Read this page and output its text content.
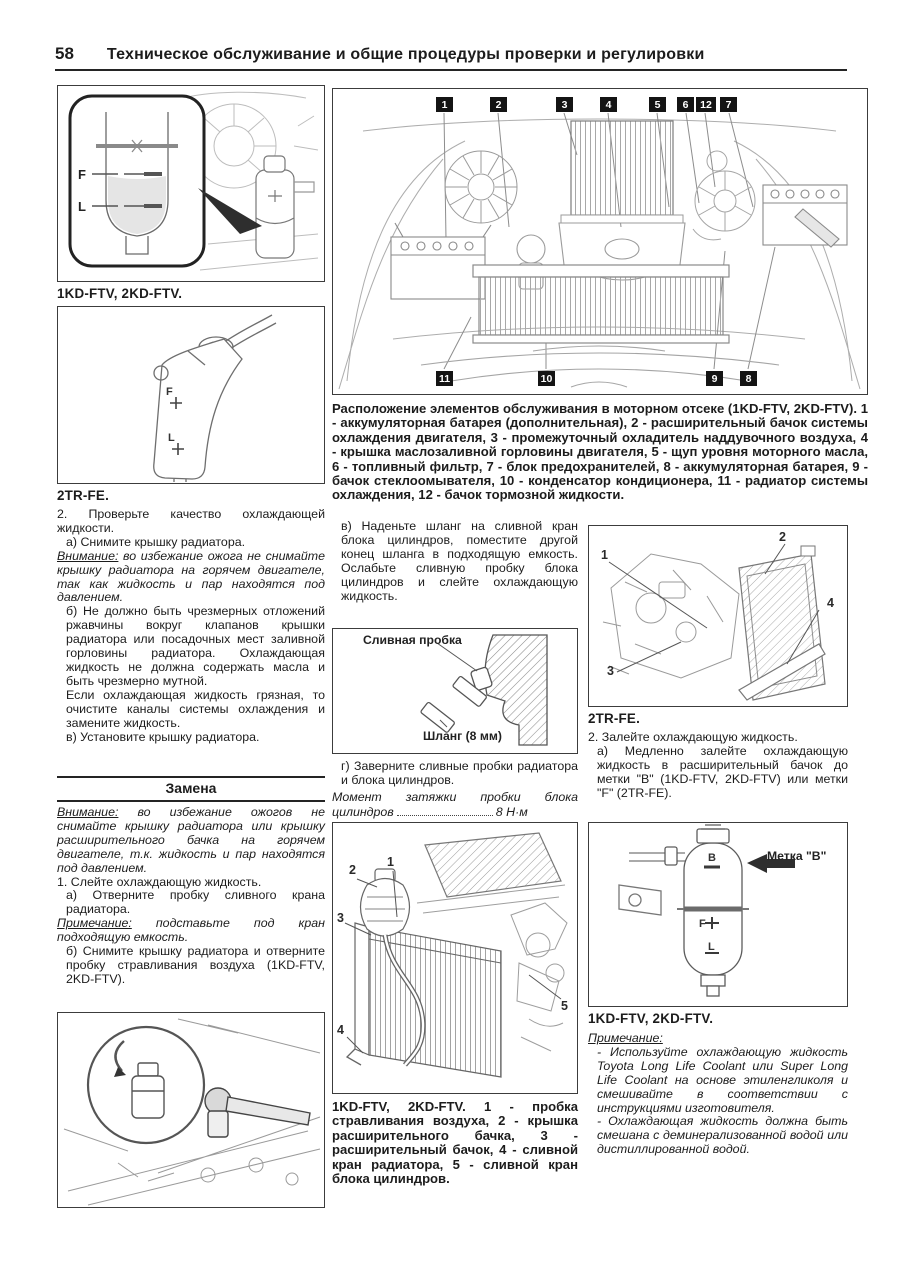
58 Техническое обслуживание и общие процедуры проверки и регулировки
F
L
1KD-FTV, 2KD-FTV.
F
L
2TR-FE.

2. Проверьте качество охлаждающей жидкости.

а) Снимите крышку радиатора.

Внимание: во избежание ожога не снимайте крышку радиатора на горячем двигателе, так как жидкость и пар находятся под давлением.

б) Не должно быть чрезмерных отложений ржавчины вокруг клапанов крышки радиатора или посадочных мест заливной горловины радиатора. Охлаждающая жидкость не должна содержать масла и быть чрезмерно мутной.

Если охлаждающая жидкость грязная, то очистите каналы системы охлаждения и замените жидкость.

в) Установите крышку радиатора.

Замена

Внимание: во избежание ожогов не снимайте крышку радиатора или крышку расширительного бачка на горячем двигателе, т.к. жидкость и пар находятся под давлением.

1. Слейте охлаждающую жидкость.

а) Отверните пробку сливного крана радиатора.

Примечание: подставьте под кран подходящую емкость.

б) Снимите крышку радиатора и отверните пробку стравливания воздуха (1KD-FTV, 2KD-FTV).

1	2	3	4	5	6	12	7
11	10	9	8
Расположение элементов обслуживания в моторном отсеке (1KD-FTV, 2KD-FTV). 1 - аккумуляторная батарея (дополнительная), 2 - расширительный бачок системы охлаждения двигателя, 3 - промежуточный охладитель наддувочного воздуха, 4 - крышка маслозаливной горловины двигателя, 5 - щуп уровня моторного масла, 6 - топливный фильтр, 7 - блок предохранителей, 8 - аккумуляторная батарея, 9 - бачок стеклоомывателя, 10 - конденсатор кондиционера, 11 - радиатор системы охлаждения, 12 - бачок тормозной жидкости.

в) Наденьте шланг на сливной кран блока цилиндров, поместите другой конец шланга в подходящую емкость. Ослабьте сливную пробку блока цилиндров и слейте охлаждающую жидкость.

Сливная пробка
Шланг (8 мм)

г) Заверните сливные пробки радиатора и блока цилиндров.

Момент затяжки пробки блока цилиндров	8 Н·м
2
1
3
4
5
1KD-FTV, 2KD-FTV. 1 - пробка стравливания воздуха, 2 - крышка расширительного бачка, 3 - расширительный бачок, 4 - сливной кран радиатора, 5 - сливной кран блока цилиндров.
1
2
3
4
2TR-FE.

2. Залейте охлаждающую жидкость.

а) Медленно залейте охлаждающую жидкость в расширительный бачок до метки "B" (1KD-FTV, 2KD-FTV) или метки "F" (2TR-FE).

B
F
L
Метка "B"
1KD-FTV, 2KD-FTV.

Примечание:

- Используйте охлаждающую жидкость Toyota Long Life Coolant или Super Long Life Coolant на основе этиленгликоля и смешивайте в соответствии с инструкциями изготовителя.

- Охлаждающая жидкость должна быть смешана с деминерализованной водой или дистиллированной водой.
